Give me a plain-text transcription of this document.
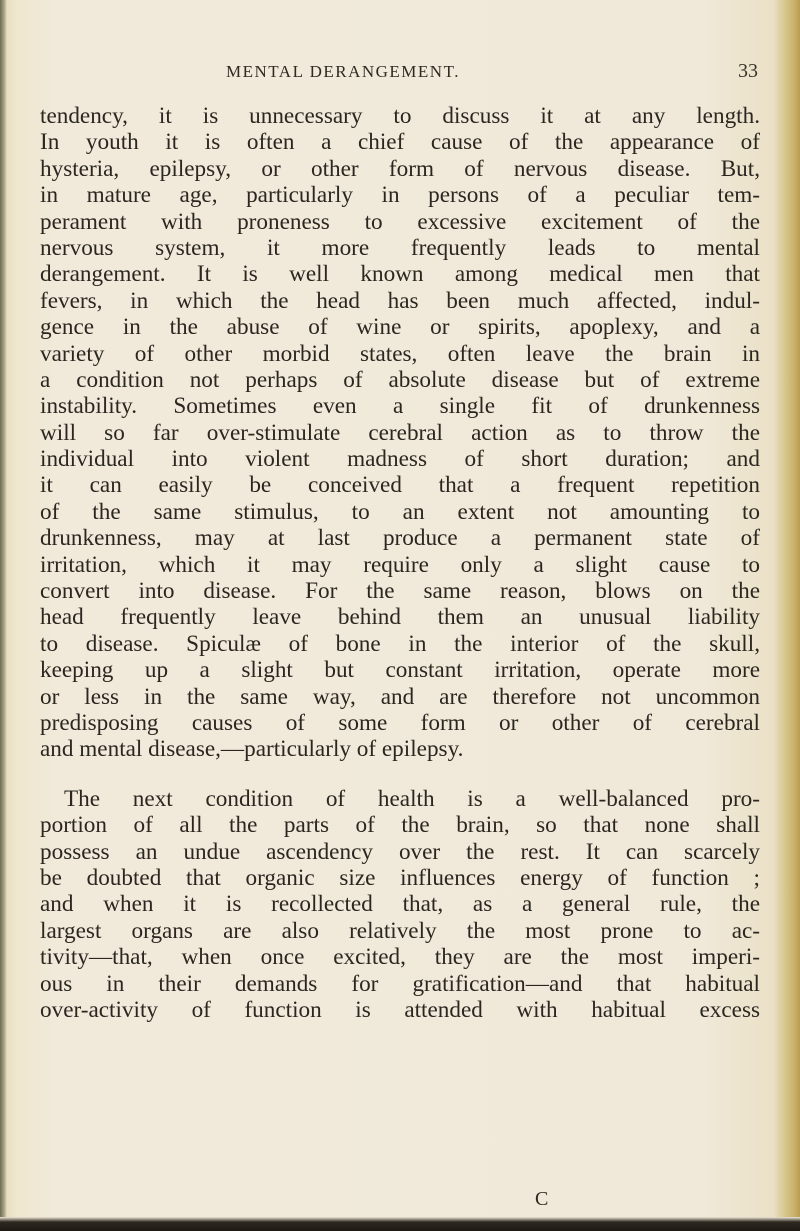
MENTAL DERANGEMENT.	33
tendency, it is unnecessary to discuss it at any length.
In youth it is often a chief cause of the appearance of
hysteria, epilepsy, or other form of nervous disease. But,
in mature age, particularly in persons of a peculiar tem-
perament with proneness to excessive excitement of the
nervous system, it more frequently leads to mental
derangement. It is well known among medical men that
fevers, in which the head has been much affected, indul-
gence in the abuse of wine or spirits, apoplexy, and a
variety of other morbid states, often leave the brain in
a condition not perhaps of absolute disease but of extreme
instability. Sometimes even a single fit of drunkenness
will so far over-stimulate cerebral action as to throw the
individual into violent madness of short duration; and
it can easily be conceived that a frequent repetition
of the same stimulus, to an extent not amounting to
drunkenness, may at last produce a permanent state of
irritation, which it may require only a slight cause to
convert into disease. For the same reason, blows on the
head frequently leave behind them an unusual liability
to disease. Spiculæ of bone in the interior of the skull,
keeping up a slight but constant irritation, operate more
or less in the same way, and are therefore not uncommon
predisposing causes of some form or other of cerebral
and mental disease,—particularly of epilepsy.
The next condition of health is a well-balanced pro-
portion of all the parts of the brain, so that none shall
possess an undue ascendency over the rest. It can scarcely
be doubted that organic size influences energy of function ;
and when it is recollected that, as a general rule, the
largest organs are also relatively the most prone to ac-
tivity—that, when once excited, they are the most imperi-
ous in their demands for gratification—and that habitual
over-activity of function is attended with habitual excess
C
